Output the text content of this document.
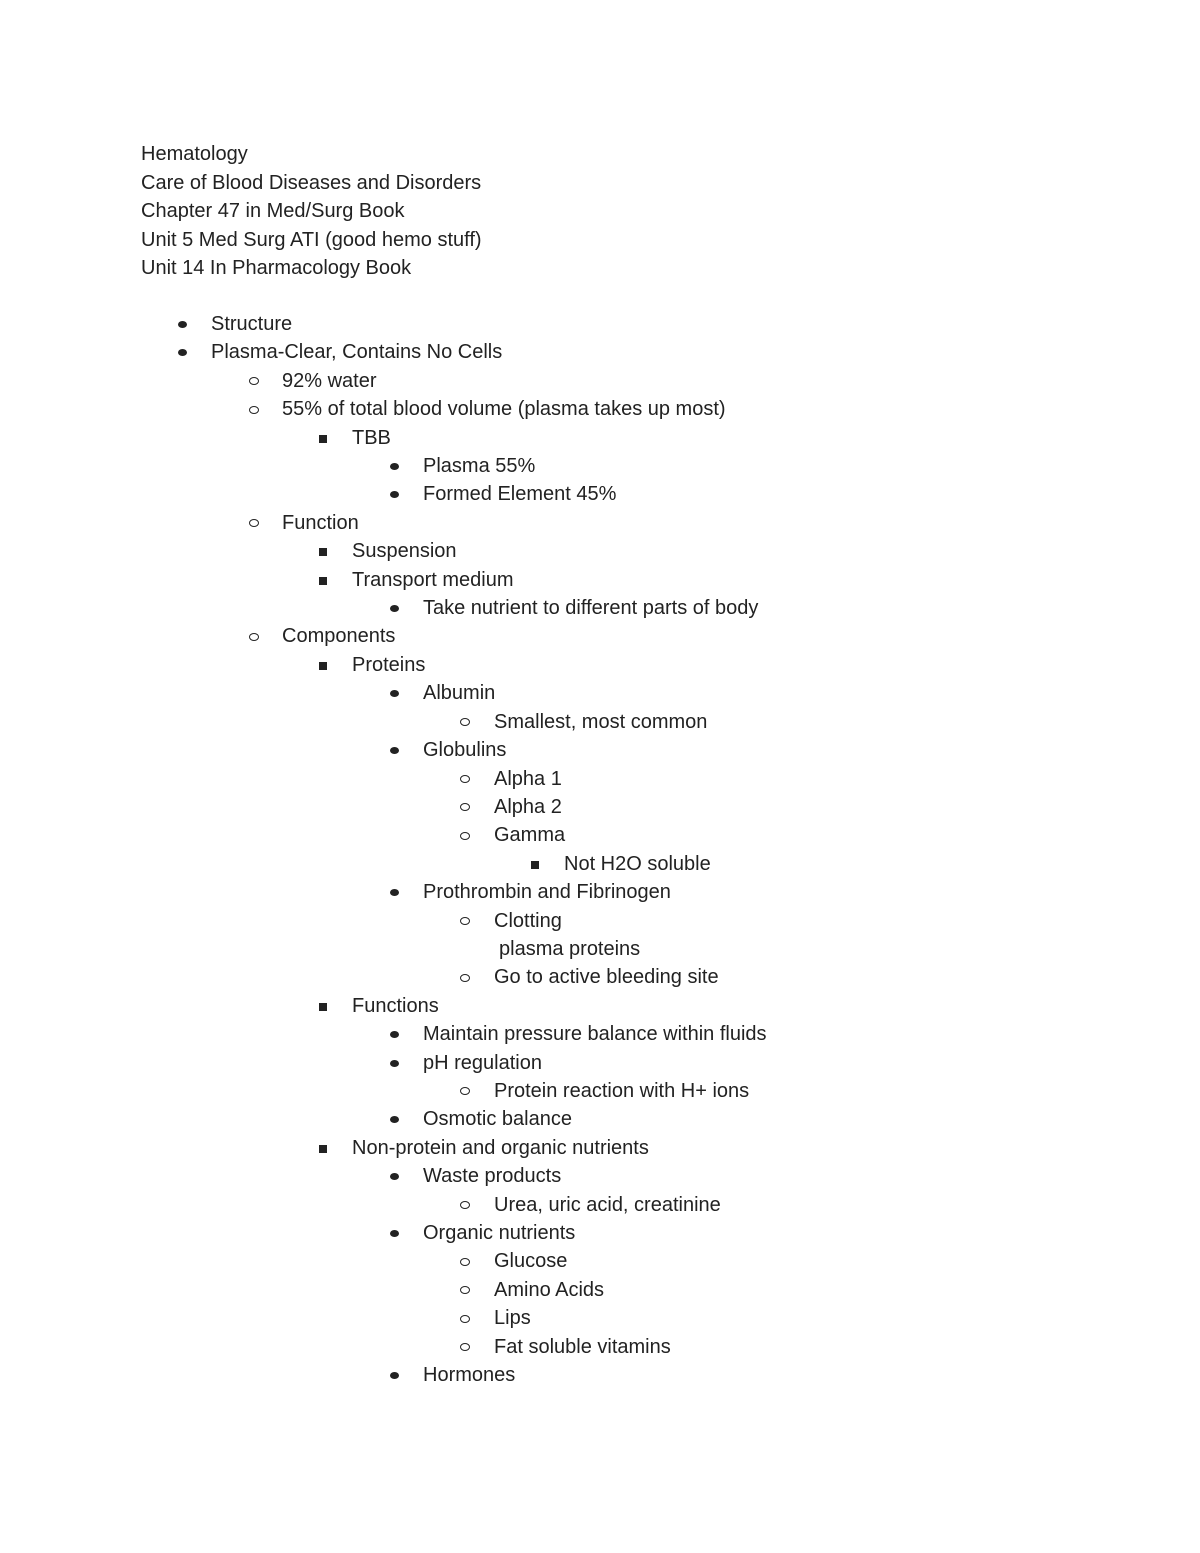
Hematology
Care of Blood Diseases and Disorders
Chapter 47 in Med/Surg Book
Unit 5 Med Surg ATI (good hemo stuff)
Unit 14 In Pharmacology Book
Structure
Plasma-Clear, Contains No Cells
92% water
55% of total blood volume (plasma takes up most)
TBB
Plasma 55%
Formed Element 45%
Function
Suspension
Transport medium
Take nutrient to different parts of body
Components
Proteins
Albumin
Smallest, most common
Globulins
Alpha 1
Alpha 2
Gamma
Not H2O soluble
Prothrombin and Fibrinogen
Clotting
plasma proteins
Go to active bleeding site
Functions
Maintain pressure balance within fluids
pH regulation
Protein reaction with H+ ions
Osmotic balance
Non-protein and organic nutrients
Waste products
Urea, uric acid, creatinine
Organic nutrients
Glucose
Amino Acids
Lips
Fat soluble vitamins
Hormones
